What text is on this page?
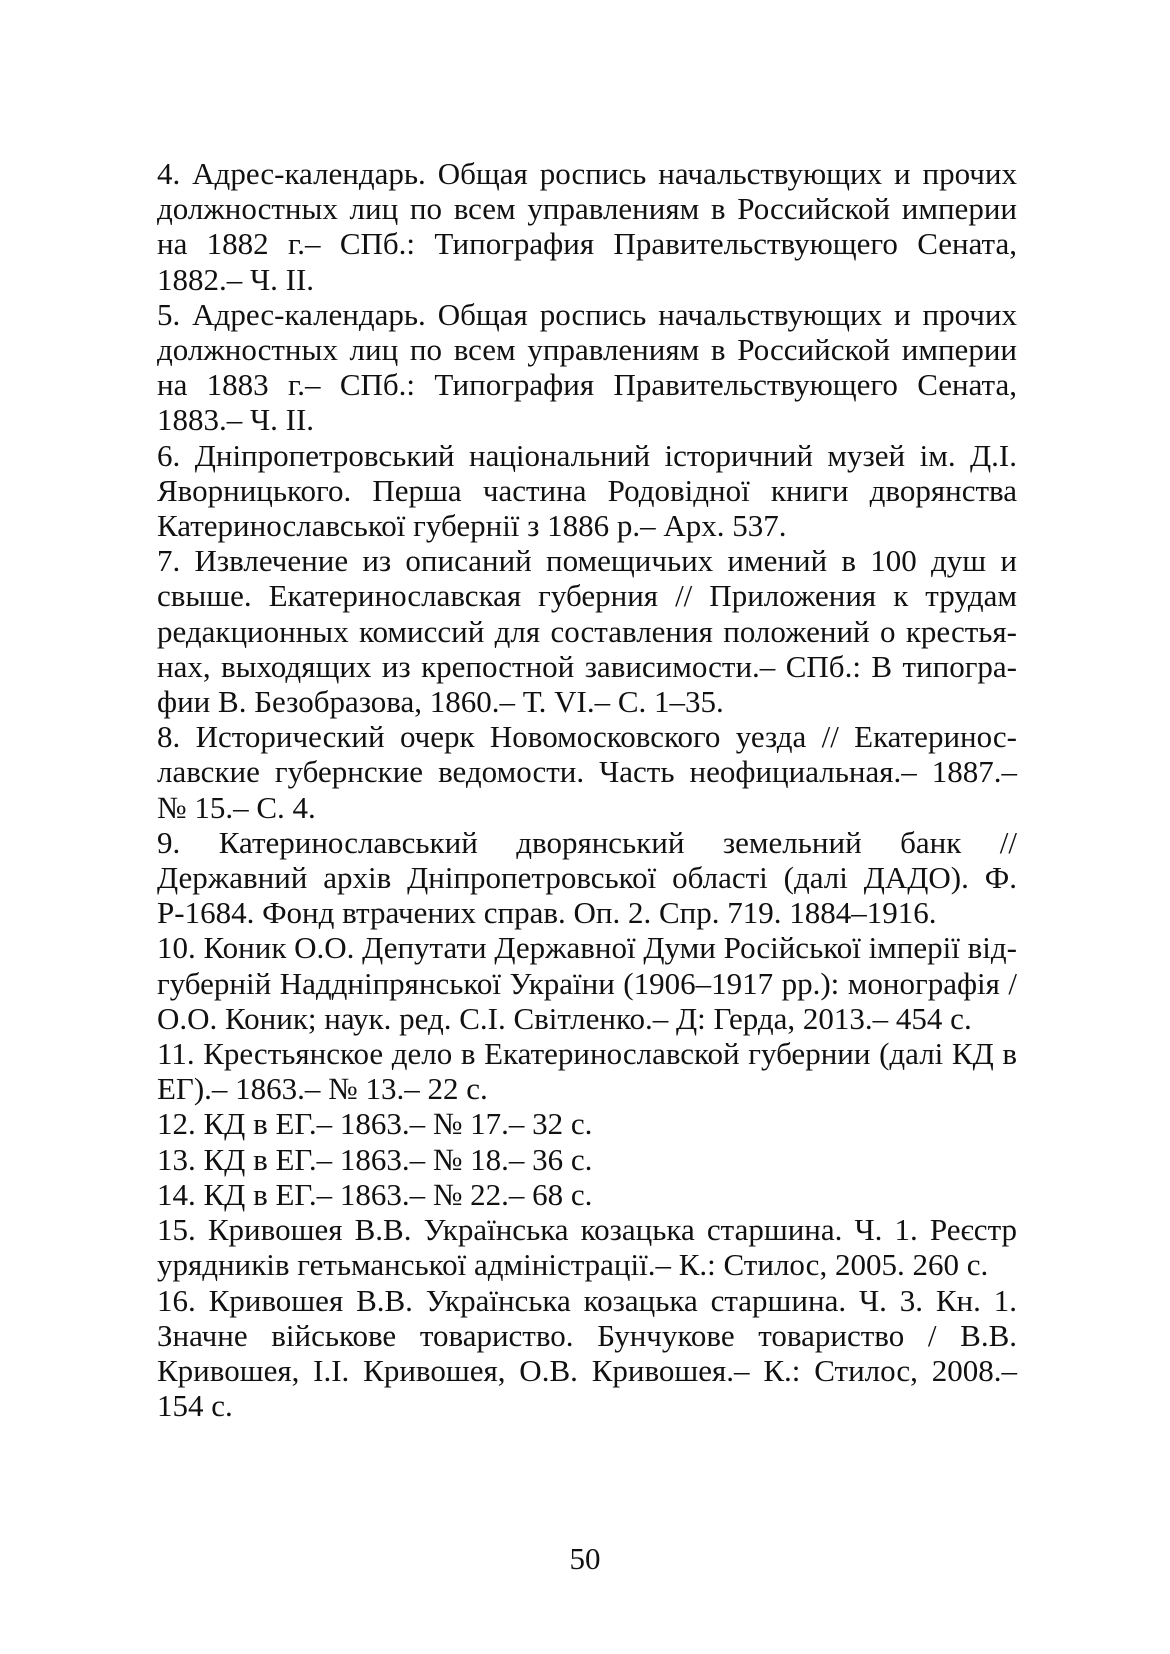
4. Адрес-календарь. Общая роспись начальствующих и прочих должностных лиц по всем управлениям в Российской империи на 1882 г.– СПб.: Типография Правительствующего Сената, 1882.– Ч. II.
5. Адрес-календарь. Общая роспись начальствующих и прочих должностных лиц по всем управлениям в Российской империи на 1883 г.– СПб.: Типография Правительствующего Сената, 1883.– Ч. II.
6. Дніпропетровський національний історичний музей ім. Д.І. Яворницького. Перша частина Родовідної книги дворянства Катеринославської губернії з 1886 р.– Арх. 537.
7. Извлечение из описаний помещичьих имений в 100 душ и свыше. Екатеринославская губерния // Приложения к трудам редакционных комиссий для составления положений о крестьянах, выходящих из крепостной зависимости.– СПб.: В типографии В. Безобразова, 1860.– Т. VI.– С. 1–35.
8. Исторический очерк Новомосковского уезда // Екатеринославские губернские ведомости. Часть неофициальная.– 1887.– № 15.– С. 4.
9. Катеринославський дворянський земельний банк // Державний архів Дніпропетровської області (далі ДАДО). Ф. Р-1684. Фонд втрачених справ. Оп. 2. Спр. 719. 1884–1916.
10. Коник О.О. Депутати Державної Думи Російської імперії відгуберній Наддніпрянської України (1906–1917 рр.): монографія / О.О. Коник; наук. ред. С.І. Світленко.– Д: Герда, 2013.– 454 с.
11. Крестьянское дело в Екатеринославской губернии (далі КД в ЕГ).– 1863.– № 13.– 22 с.
12. КД в ЕГ.– 1863.– № 17.– 32 с.
13. КД в ЕГ.– 1863.– № 18.– 36 с.
14. КД в ЕГ.– 1863.– № 22.– 68 с.
15. Кривошея В.В. Українська козацька старшина. Ч. 1. Реєстр урядників гетьманської адміністрації.– К.: Стилос, 2005. 260 с.
16. Кривошея В.В. Українська козацька старшина. Ч. 3. Кн. 1. Значне військове товариство. Бунчукове товариство / В.В. Кривошея, І.І. Кривошея, О.В. Кривошея.– К.: Стилос, 2008.– 154 с.
50
